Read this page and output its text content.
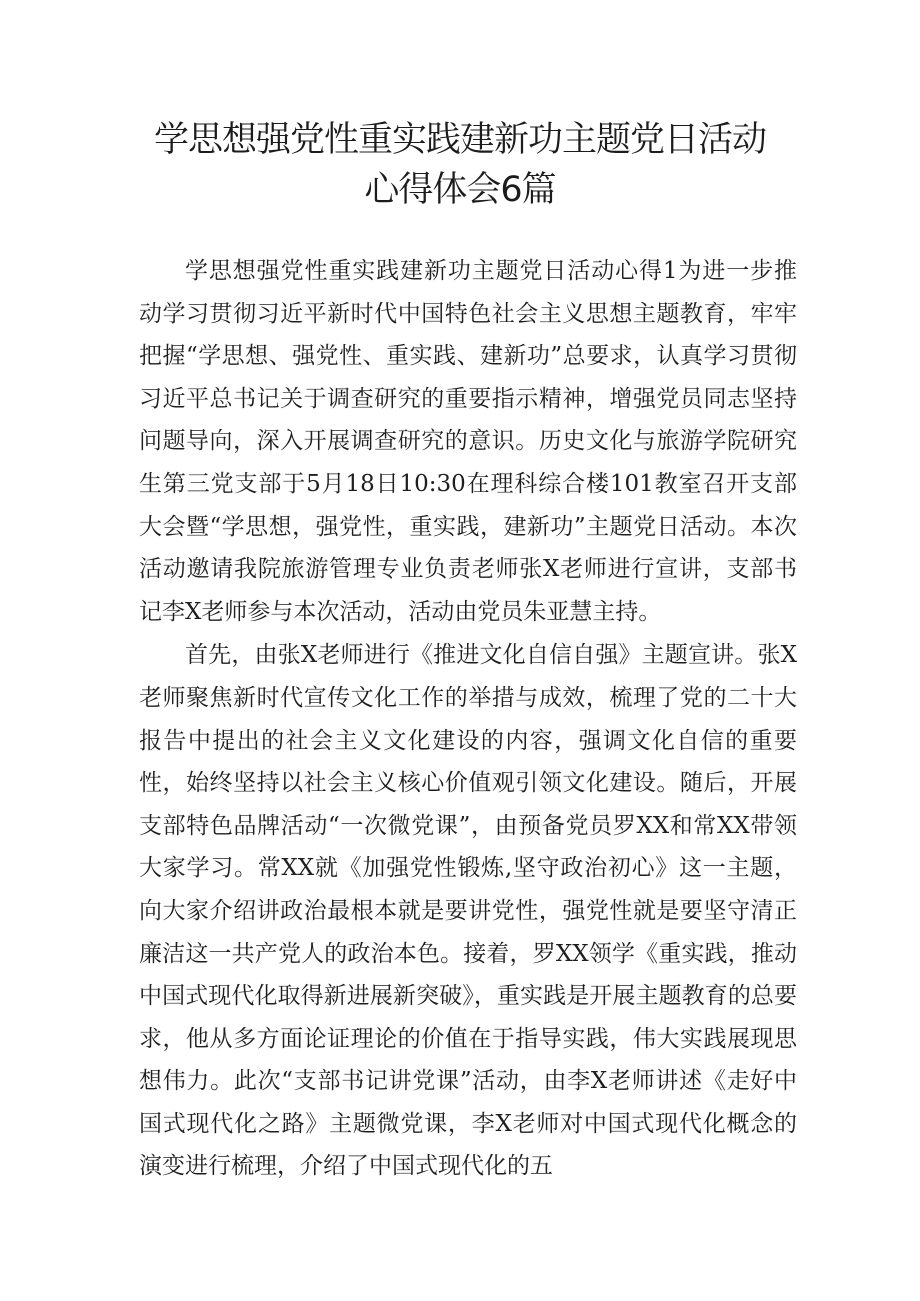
学思想强党性重实践建新功主题党日活动
心得体会6篇

学思想强党性重实践建新功主题党日活动心得1为进一步推动学习贯彻习近平新时代中国特色社会主义思想主题教育，牢牢把握“学思想、强党性、重实践、建新功”总要求，认真学习贯彻习近平总书记关于调查研究的重要指示精神，增强党员同志坚持问题导向，深入开展调查研究的意识。历史文化与旅游学院研究生第三党支部于5月18日10:30在理科综合楼101教室召开支部大会暨“学思想，强党性，重实践，建新功”主题党日活动。本次活动邀请我院旅游管理专业负责老师张X老师进行宣讲，支部书记李X老师参与本次活动，活动由党员朱亚慧主持。

首先，由张X老师进行《推进文化自信自强》主题宣讲。张X老师聚焦新时代宣传文化工作的举措与成效，梳理了党的二十大报告中提出的社会主义文化建设的内容，强调文化自信的重要性，始终坚持以社会主义核心价值观引领文化建设。随后，开展支部特色品牌活动“一次微党课”，由预备党员罗XX和常XX带领大家学习。常XX就《加强党性锻炼,坚守政治初心》这一主题，向大家介绍讲政治最根本就是要讲党性，强党性就是要坚守清正廉洁这一共产党人的政治本色。接着，罗XX领学《重实践，推动中国式现代化取得新进展新突破》，重实践是开展主题教育的总要求，他从多方面论证理论的价值在于指导实践，伟大实践展现思想伟力。此次“支部书记讲党课”活动，由李X老师讲述《走好中国式现代化之路》主题微党课，李X老师对中国式现代化概念的演变进行梳理，介绍了中国式现代化的五
